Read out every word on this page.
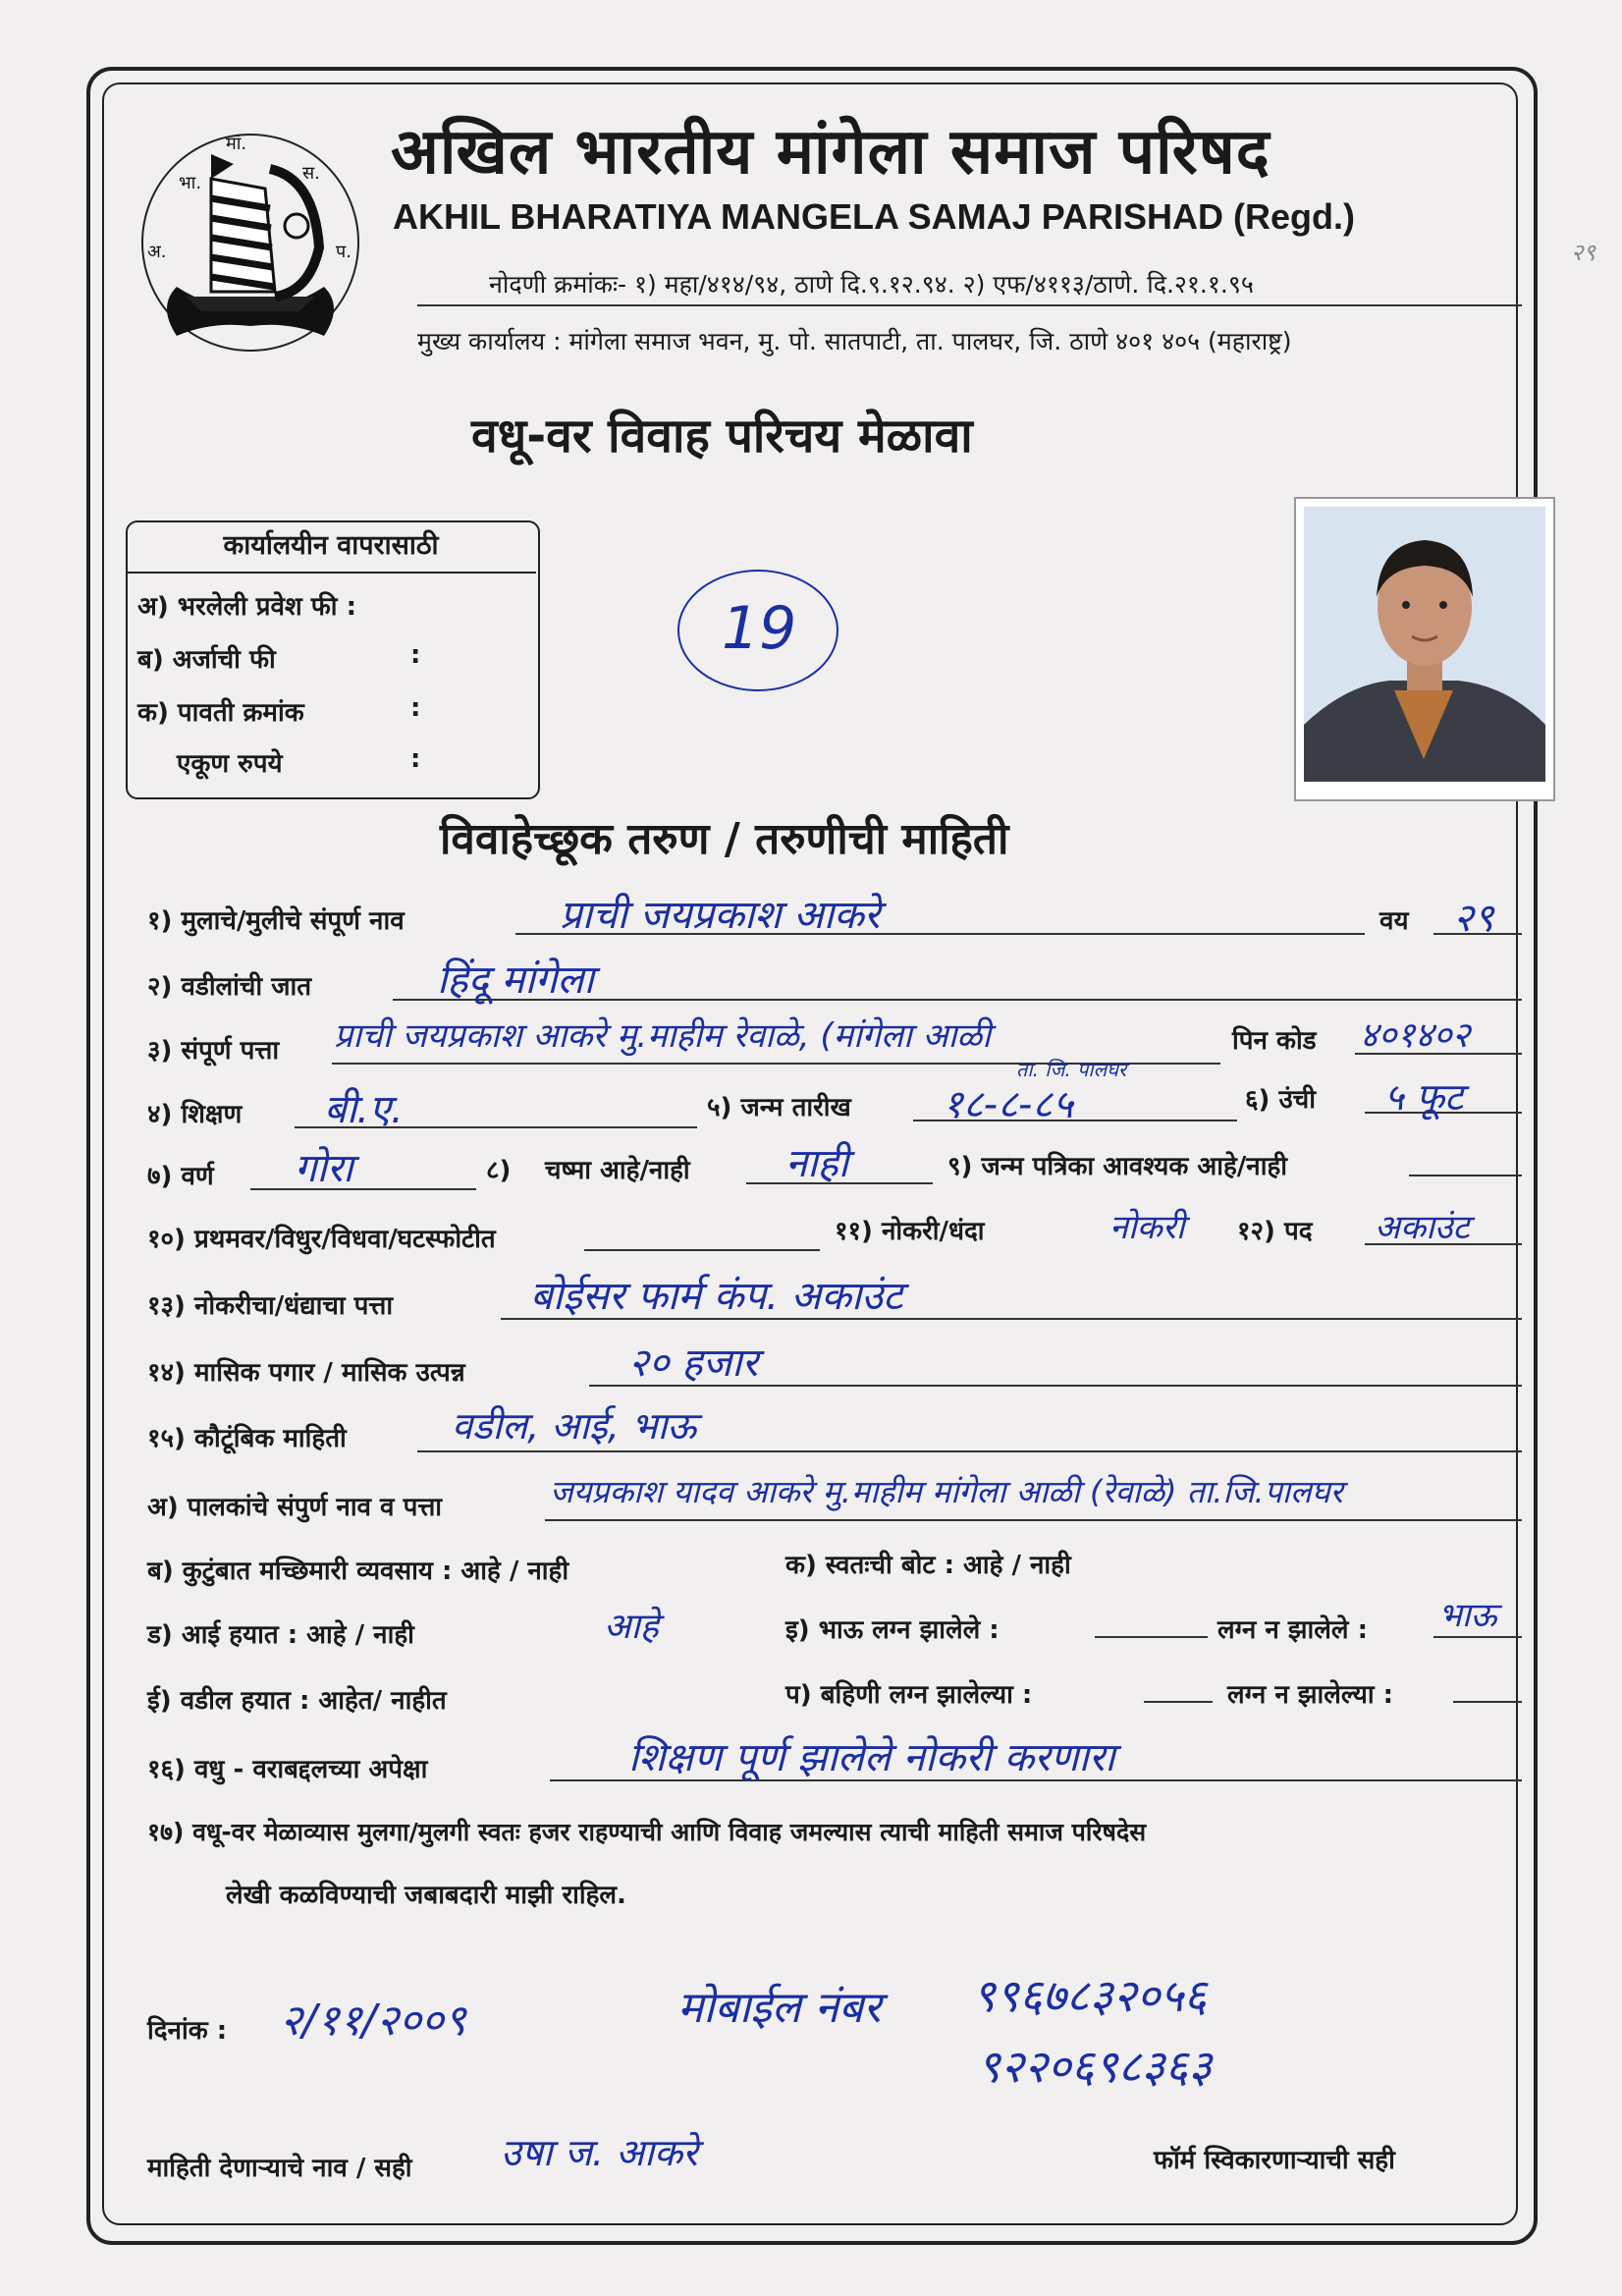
अ.
भा.
मां.
स.
प.
अखिल भारतीय मांगेला समाज परिषद
AKHIL BHARATIYA MANGELA SAMAJ PARISHAD (Regd.)
नोदणी क्रमांकः- १) महा/४१४/९४, ठाणे दि.९.१२.९४. २) एफ/४११३/ठाणे. दि.२१.१.९५
मुख्य कार्यालय : मांगेला समाज भवन, मु. पो. सातपाटी, ता. पालघर, जि. ठाणे ४०१ ४०५ (महाराष्ट्र)
२९
वधू-वर विवाह परिचय मेळावा
कार्यालयीन वापरासाठी
अ) भरलेली प्रवेश फी :
ब) अर्जाची फी	:
क) पावती क्रमांक	:
एकूण रुपये	:
19
विवाहेच्छूक तरुण / तरुणीची माहिती
१) मुलाचे/मुलीचे संपूर्ण नाव	प्राची जयप्रकाश आकरे	वय २९
२) वडीलांची जात	हिंदू मांगेला
३) संपूर्ण पत्ता प्राची जयप्रकाश आकरे मु.माहीम रेवाळे, (मांगेला आळी
ता. जि. पालघर
पिन कोड ४०१४०२
४) शिक्षण बी.ए.	५) जन्म तारीख १८-८-८५	६) उंची ५ फूट
७) वर्ण गोरा	८) चष्मा आहे/नाही नाही	९) जन्म पत्रिका आवश्यक आहे/नाही
१०) प्रथमवर/विधुर/विधवा/घटस्फोटीत	११) नोकरी/धंदा	नोकरी १२) पद अकाउंट
१३) नोकरीचा/धंद्याचा पत्ता	बोईसर फार्म कंप. अकाउंट
१४) मासिक पगार / मासिक उत्पन्न	२० हजार
१५) कौटूंबिक माहिती	वडील, आई, भाऊ
अ) पालकांचे संपुर्ण नाव व पत्ता	जयप्रकाश यादव आकरे मु.माहीम मांगेला आळी (रेवाळे) ता.जि.पालघर
ब) कुटुंबात मच्छिमारी व्यवसाय : आहे / नाही	क) स्वतःची बोट : आहे / नाही
ड) आई हयात : आहे / नाही	आहे	इ) भाऊ लग्न झालेले :	लग्न न झालेले : भाऊ
ई) वडील हयात : आहेत/ नाहीत	प) बहिणी लग्न झालेल्या :	लग्न न झालेल्या :
१६) वधु - वराबद्दलच्या अपेक्षा	शिक्षण पूर्ण झालेले नोकरी करणारा
१७) वधू-वर मेळाव्यास मुलगा/मुलगी स्वतः हजर राहण्याची आणि विवाह जमल्यास त्याची माहिती समाज परिषदेस
लेखी कळविण्याची जबाबदारी माझी राहिल.
दिनांक : २/११/२००९	मोबाईल नंबर ९९६७८३२०५६
९२२०६९८३६३
माहिती देणाऱ्याचे नाव / सही उषा ज. आकरे	फॉर्म स्विकारणाऱ्याची सही
